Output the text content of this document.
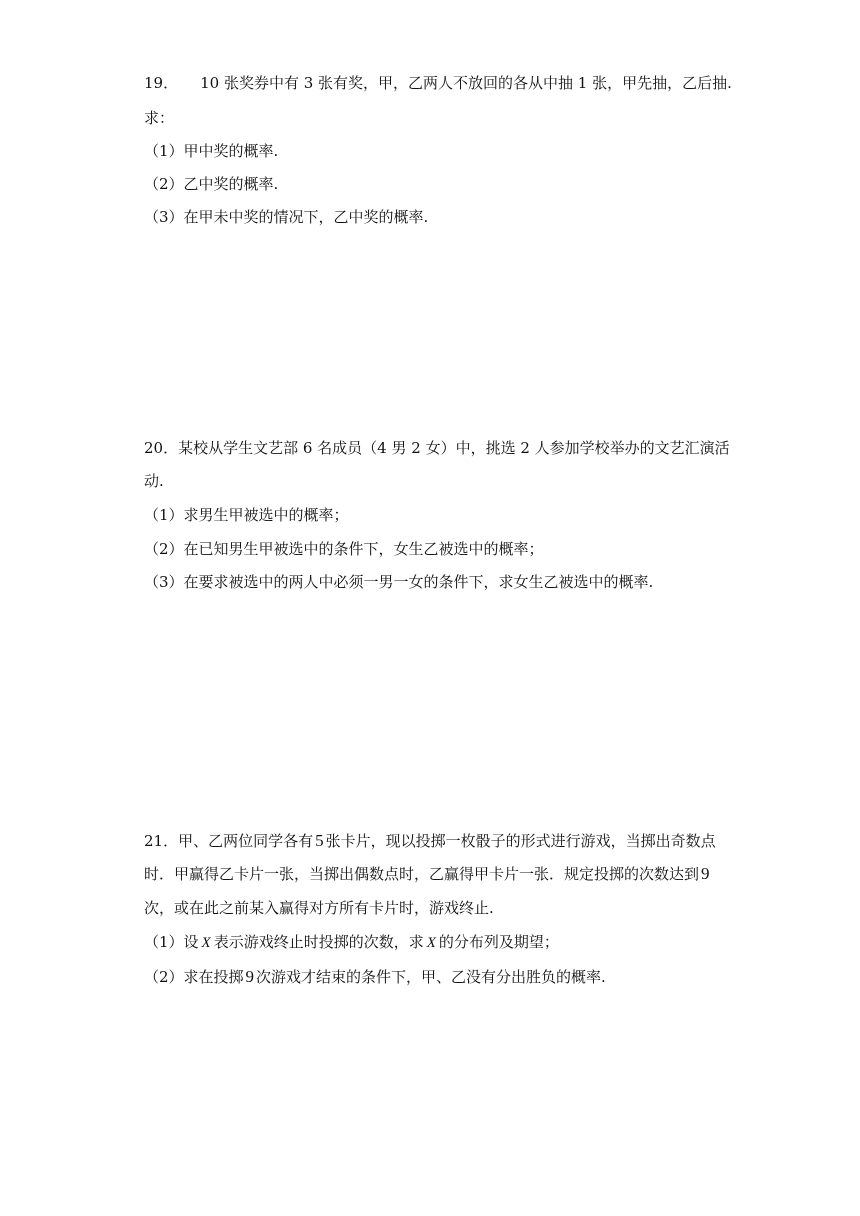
19． 10 张奖券中有 3 张有奖，甲，乙两人不放回的各从中抽 1 张，甲先抽，乙后抽.
求：
（1）甲中奖的概率.
（2）乙中奖的概率.
（3）在甲未中奖的情况下，乙中奖的概率.
20．某校从学生文艺部 6 名成员（4 男 2 女）中，挑选 2 人参加学校举办的文艺汇演活
动.
（1）求男生甲被选中的概率；
（2）在已知男生甲被选中的条件下，女生乙被选中的概率；
（3）在要求被选中的两人中必须一男一女的条件下，求女生乙被选中的概率.
21．甲、乙两位同学各有 5 张卡片，现以投掷一枚骰子的形式进行游戏，当掷出奇数点
时．甲赢得乙卡片一张，当掷出偶数点时，乙赢得甲卡片一张．规定投掷的次数达到 9
次，或在此之前某入赢得对方所有卡片时，游戏终止.
（1）设 X 表示游戏终止时投掷的次数，求 X 的分布列及期望；
（2）求在投掷 9 次游戏才结束的条件下，甲、乙没有分出胜负的概率.
